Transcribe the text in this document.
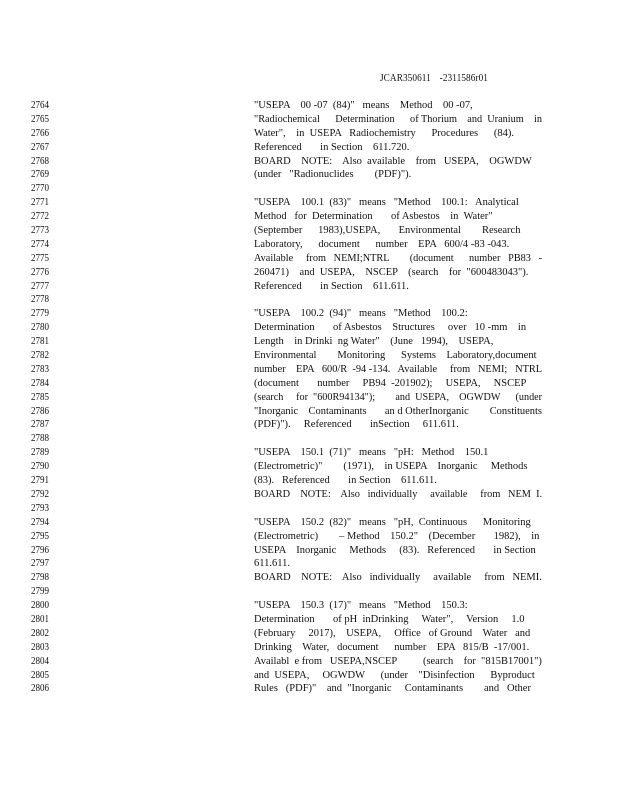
JCAR350611 -2311586r01
2764	"USEPA    00 -07  (84)"   means    Method    00 -07,
2765	"Radiochemical      Determination      of Thorium    and  Uranium    in
2766	Water",    in  USEPA   Radiochemistry      Procedures      (84).
2767	Referenced       in Section    611.720.
2768	BOARD    NOTE:    Also  available    from   USEPA,    OGWDW
2769	(under   "Radionuclides        (PDF)").
2770
2771	"USEPA    100.1  (83)"   means   "Method    100.1:   Analytical
2772	Method   for  Determination       of Asbestos    in  Water"
2773	(September      1983),USEPA,       Environmental        Research
2774	Laboratory,      document      number    EPA   600/4 -83 -043.
2775	Available     from   NEMI;NTRL        (document      number   PB83   -
2776	260471)    and  USEPA,    NSCEP    (search    for  "600483043").
2777	Referenced       in Section    611.611.
2778
2779	"USEPA    100.2  (94)"   means   "Method    100.2:
2780	Determination       of Asbestos    Structures     over   10 -mm    in
2781	Length    in Drinki  ng Water"    (June   1994),    USEPA,
2782	Environmental        Monitoring      Systems    Laboratory,document
2783	number    EPA   600/R  -94 -134.   Available     from   NEMI;   NTRL
2784	(document       number     PB94  -201902);     USEPA,     NSCEP
2785	(search     for  "600R94134");        and  USEPA,    OGWDW      (under
2786	"Inorganic    Contaminants       an d OtherInorganic        Constituents
2787	(PDF)").     Referenced       inSection     611.611.
2788
2789	"USEPA    150.1  (71)"   means   "pH:   Method    150.1
2790	(Electrometric)"        (1971),    in USEPA    Inorganic     Methods
2791	(83).   Referenced       in Section    611.611.
2792	BOARD    NOTE:    Also   individually     available     from   NEM  I.
2793
2794	"USEPA    150.2  (82)"   means   "pH,  Continuous      Monitoring
2795	(Electrometric)        – Method    150.2"    (December       1982),    in
2796	USEPA    Inorganic     Methods     (83).   Referenced       in Section
2797	611.611.
2798	BOARD    NOTE:    Also   individually     available     from   NEMI.
2799
2800	"USEPA    150.3  (17)"   means   "Method    150.3:
2801	Determination       of pH  inDrinking     Water",     Version     1.0
2802	(February     2017),    USEPA,     Office   of Ground    Water   and
2803	Drinking    Water,   document      number    EPA   815/B  -17/001.
2804	Availabl  e from   USEPA,NSCEP          (search    for  "815B17001")
2805	and  USEPA,     OGWDW      (under    "Disinfection      Byproduct
2806	Rules   (PDF)"    and  "Inorganic     Contaminants        and   Other
